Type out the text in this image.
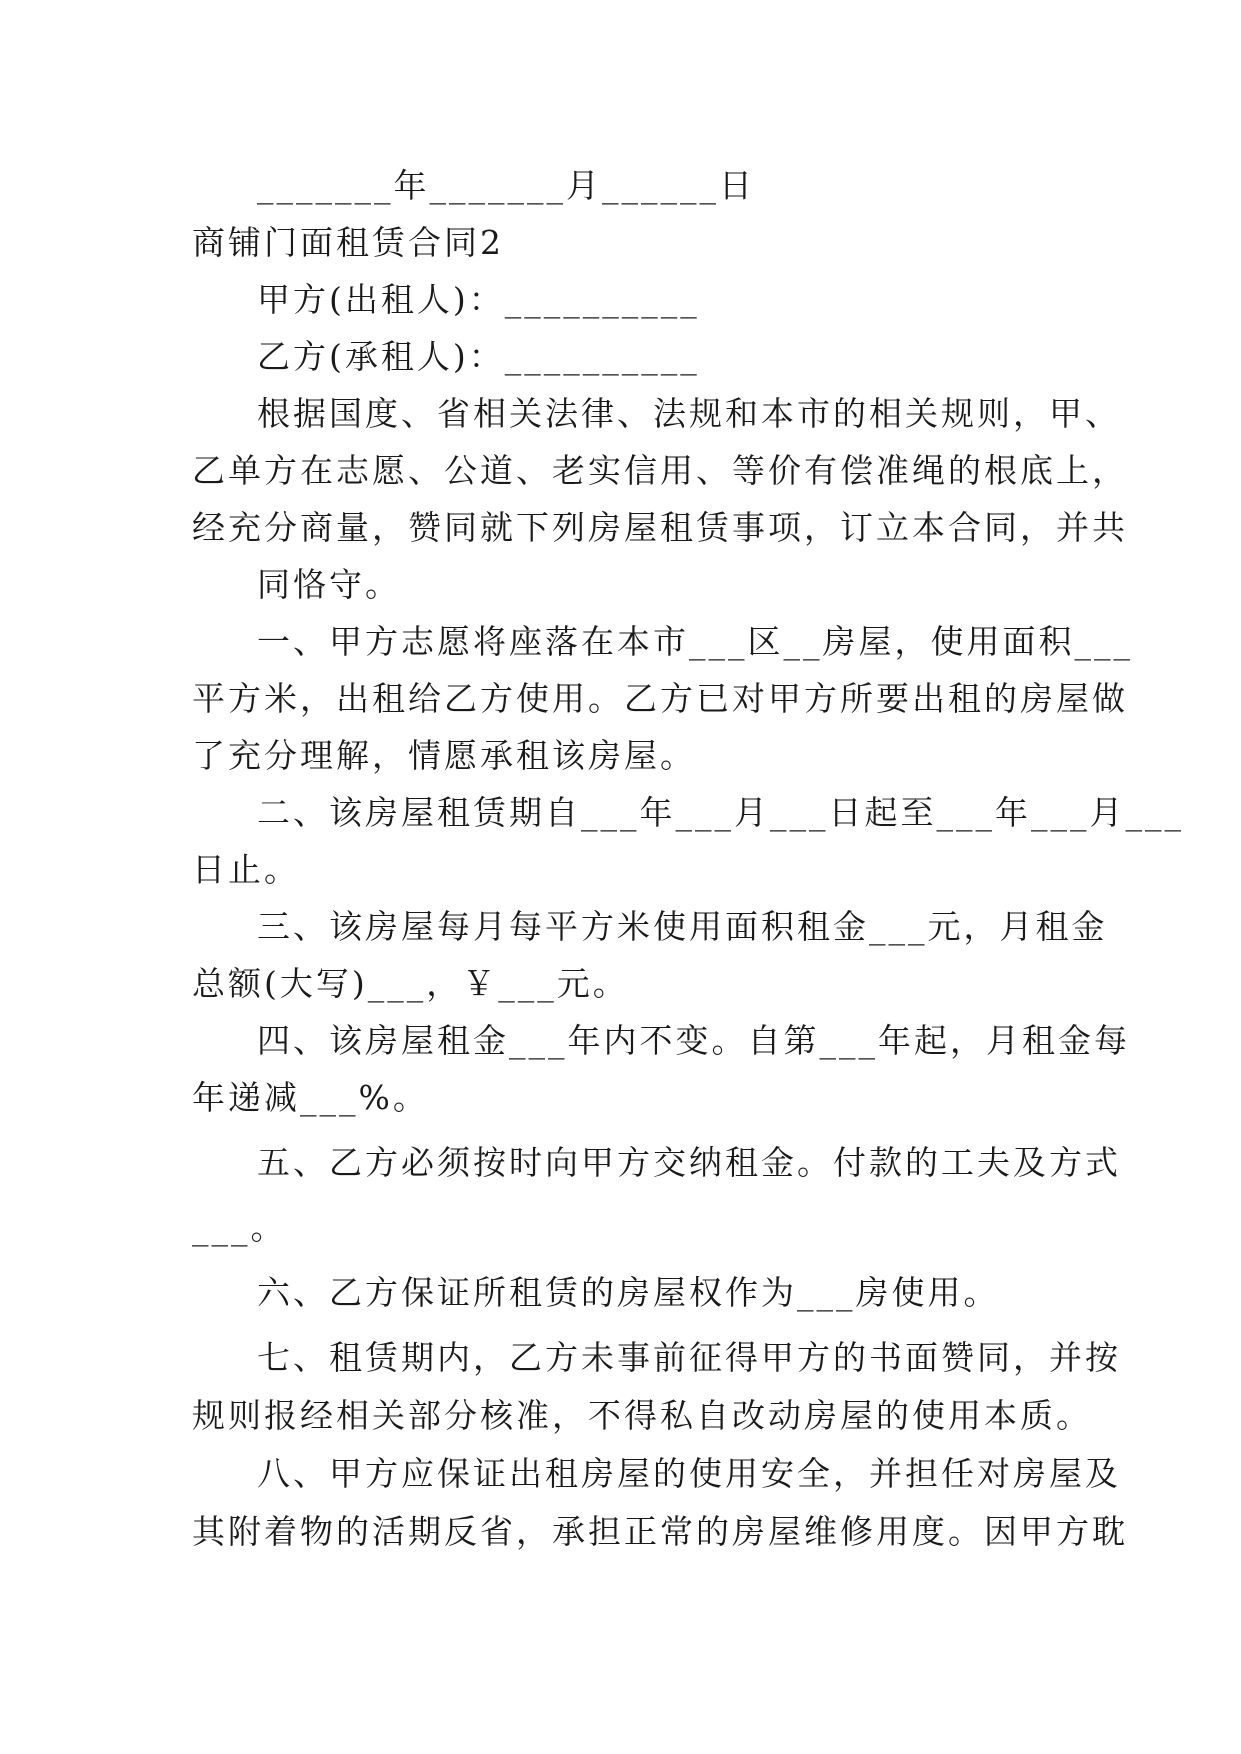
_______年_______月______日
商铺门面租赁合同2
甲方(出租人)：__________
乙方(承租人)：__________
根据国度、省相关法律、法规和本市的相关规则，甲、
乙单方在志愿、公道、老实信用、等价有偿准绳的根底上，
经充分商量，赞同就下列房屋租赁事项，订立本合同，并共
同恪守。
一、甲方志愿将座落在本市___区__房屋，使用面积___
平方米，出租给乙方使用。乙方已对甲方所要出租的房屋做
了充分理解，情愿承租该房屋。
二、该房屋租赁期自___年___月___日起至___年___月___
日止。
三、该房屋每月每平方米使用面积租金___元，月租金
总额(大写)___，￥___元。
四、该房屋租金___年内不变。自第___年起，月租金每
年递减___%。
五、乙方必须按时向甲方交纳租金。付款的工夫及方式
___。
六、乙方保证所租赁的房屋权作为___房使用。
七、租赁期内，乙方未事前征得甲方的书面赞同，并按
规则报经相关部分核准，不得私自改动房屋的使用本质。
八、甲方应保证出租房屋的使用安全，并担任对房屋及
其附着物的活期反省，承担正常的房屋维修用度。因甲方耽
